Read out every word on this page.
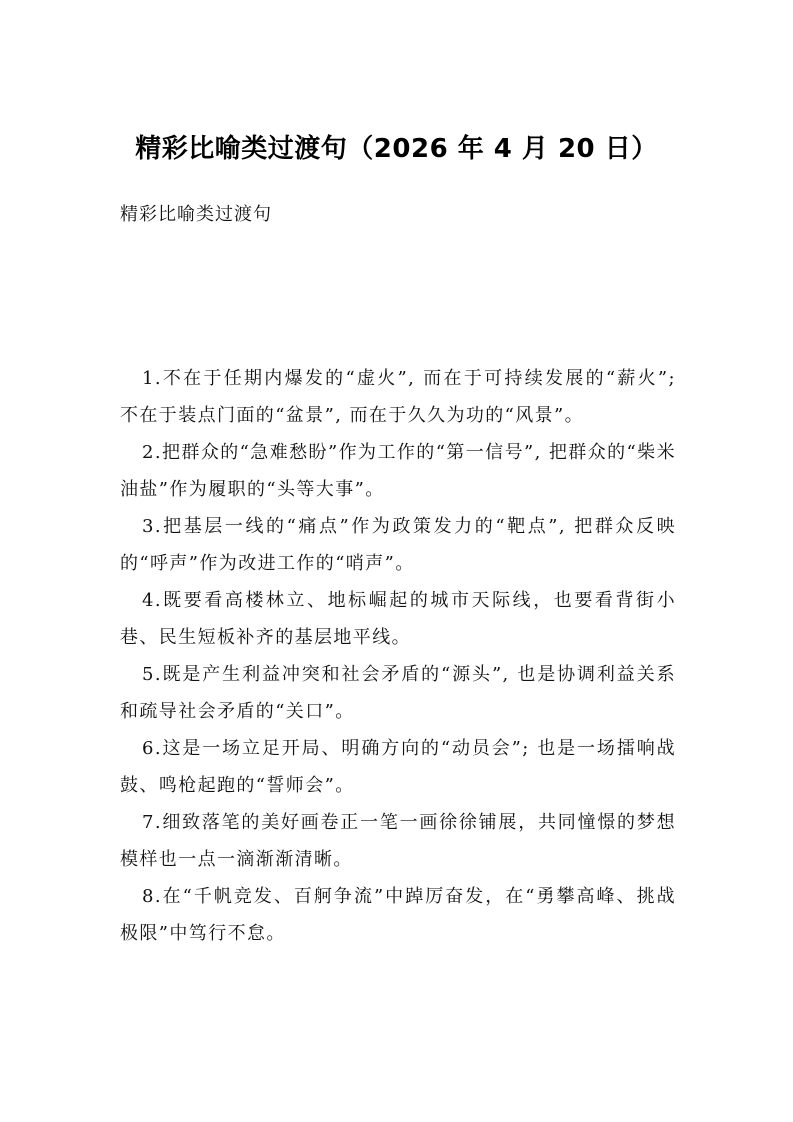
精彩比喻类过渡句（2026 年 4 月 20 日）

精彩比喻类过渡句

1.不在于任期内爆发的“虚火”, 而在于可持续发展的“薪火”; 不在于装点门面的“盆景”, 而在于久久为功的“风景”。
2.把群众的“急难愁盼”作为工作的“第一信号”, 把群众的“柴米油盐”作为履职的“头等大事”。
3.把基层一线的“痛点”作为政策发力的“靶点”, 把群众反映的“呼声”作为改进工作的“哨声”。
4.既要看高楼林立、地标崛起的城市天际线，也要看背街小巷、民生短板补齐的基层地平线。
5.既是产生利益冲突和社会矛盾的“源头”, 也是协调利益关系和疏导社会矛盾的“关口”。
6.这是一场立足开局、明确方向的“动员会”; 也是一场擂响战鼓、鸣枪起跑的“誓师会”。
7.细致落笔的美好画卷正一笔一画徐徐铺展，共同憧憬的梦想模样也一点一滴渐渐清晰。
8.在“千帆竞发、百舸争流”中踔厉奋发，在“勇攀高峰、挑战极限”中笃行不怠。
